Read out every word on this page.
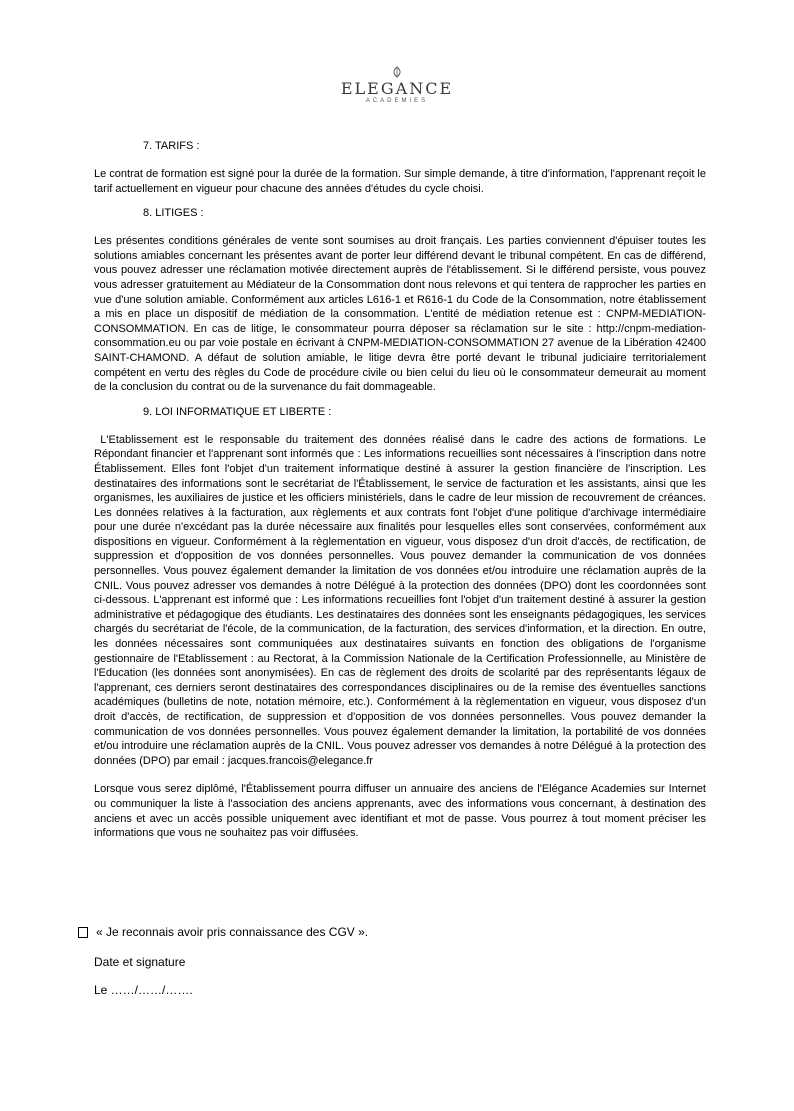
ELEGANCE
ACADEMIES
7. TARIFS :

Le contrat de formation est signé pour la durée de la formation. Sur simple demande, à titre d'information, l'apprenant reçoit le tarif actuellement en vigueur pour chacune des années d'études du cycle choisi.

8. LITIGES :

Les présentes conditions générales de vente sont soumises au droit français. Les parties conviennent d'épuiser toutes les solutions amiables concernant les présentes avant de porter leur différend devant le tribunal compétent. En cas de différend, vous pouvez adresser une réclamation motivée directement auprès de l'établissement. Si le différend persiste, vous pouvez vous adresser gratuitement au Médiateur de la Consommation dont nous relevons et qui tentera de rapprocher les parties en vue d'une solution amiable. Conformément aux articles L616-1 et R616-1 du Code de la Consommation, notre établissement a mis en place un dispositif de médiation de la consommation. L'entité de médiation retenue est : CNPM-MEDIATION-CONSOMMATION. En cas de litige, le consommateur pourra déposer sa réclamation sur le site : http://cnpm-mediation-consommation.eu ou par voie postale en écrivant à CNPM-MEDIATION-CONSOMMATION 27 avenue de la Libération 42400 SAINT-CHAMOND. A défaut de solution amiable, le litige devra être porté devant le tribunal judiciaire territorialement compétent en vertu des règles du Code de procédure civile ou bien celui du lieu où le consommateur demeurait au moment de la conclusion du contrat ou de la survenance du fait dommageable.

9. LOI INFORMATIQUE ET LIBERTE :

L'Etablissement est le responsable du traitement des données réalisé dans le cadre des actions de formations. Le Répondant financier et l'apprenant sont informés que : Les informations recueillies sont nécessaires à l'inscription dans notre Établissement. Elles font l'objet d'un traitement informatique destiné à assurer la gestion financière de l'inscription. Les destinataires des informations sont le secrétariat de l'Établissement, le service de facturation et les assistants, ainsi que les organismes, les auxiliaires de justice et les officiers ministériels, dans le cadre de leur mission de recouvrement de créances. Les données relatives à la facturation, aux règlements et aux contrats font l'objet d'une politique d'archivage intermédiaire pour une durée n'excédant pas la durée nécessaire aux finalités pour lesquelles elles sont conservées, conformément aux dispositions en vigueur. Conformément à la règlementation en vigueur, vous disposez d'un droit d'accès, de rectification, de suppression et d'opposition de vos données personnelles. Vous pouvez demander la communication de vos données personnelles. Vous pouvez également demander la limitation de vos données et/ou introduire une réclamation auprès de la CNIL. Vous pouvez adresser vos demandes à notre Délégué à la protection des données (DPO) dont les coordonnées sont ci-dessous. L'apprenant est informé que : Les informations recueillies font l'objet d'un traitement destiné à assurer la gestion administrative et pédagogique des étudiants. Les destinataires des données sont les enseignants pédagogiques, les services chargés du secrétariat de l'école, de la communication, de la facturation, des services d'information, et la direction. En outre, les données nécessaires sont communiquées aux destinataires suivants en fonction des obligations de l'organisme gestionnaire de l'Etablissement : au Rectorat, à la Commission Nationale de la Certification Professionnelle, au Ministère de l'Education (les données sont anonymisées). En cas de règlement des droits de scolarité par des représentants légaux de l'apprenant, ces derniers seront destinataires des correspondances disciplinaires ou de la remise des éventuelles sanctions académiques (bulletins de note, notation mémoire, etc.). Conformément à la règlementation en vigueur, vous disposez d'un droit d'accès, de rectification, de suppression et d'opposition de vos données personnelles. Vous pouvez demander la communication de vos données personnelles. Vous pouvez également demander la limitation, la portabilité de vos données et/ou introduire une réclamation auprès de la CNIL. Vous pouvez adresser vos demandes à notre Délégué à la protection des données (DPO) par email : jacques.francois@elegance.fr

Lorsque vous serez diplômé, l'Établissement pourra diffuser un annuaire des anciens de l'Elégance Academies sur Internet ou communiquer la liste à l'association des anciens apprenants, avec des informations vous concernant, à destination des anciens et avec un accès possible uniquement avec identifiant et mot de passe. Vous pourrez à tout moment préciser les informations que vous ne souhaitez pas voir diffusées.

« Je reconnais avoir pris connaissance des CGV ».
Date et signature
Le ……/……/…….
